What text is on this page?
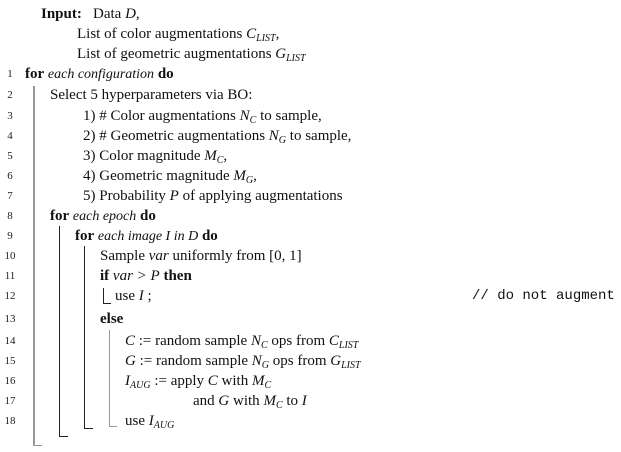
Input: Data D,
List of color augmentations $C_{LIST}$,
List of geometric augmentations $G_{LIST}$
1
2
3
4
5
6
7
8
9
10
11
12
13
14
15
16
17
18
for each configuration do
Select 5 hyperparameters via BO:
1) # Color augmentations $N_C$ to sample,
2) # Geometric augmentations $N_G$ to sample,
3) Color magnitude $M_C$,
4) Geometric magnitude $M_G$,
5) Probability P of applying augmentations
for each epoch do
for each image I in D do
Sample var uniformly from [0, 1]
if var > P then
use I ;	// do not augment
else
C := random sample $N_C$ ops from $C_{LIST}$
G := random sample $N_G$ ops from $G_{LIST}$
$I_{AUG}$ := apply C with $M_C$
and G with $M_C$ to I
use $I_{AUG}$
